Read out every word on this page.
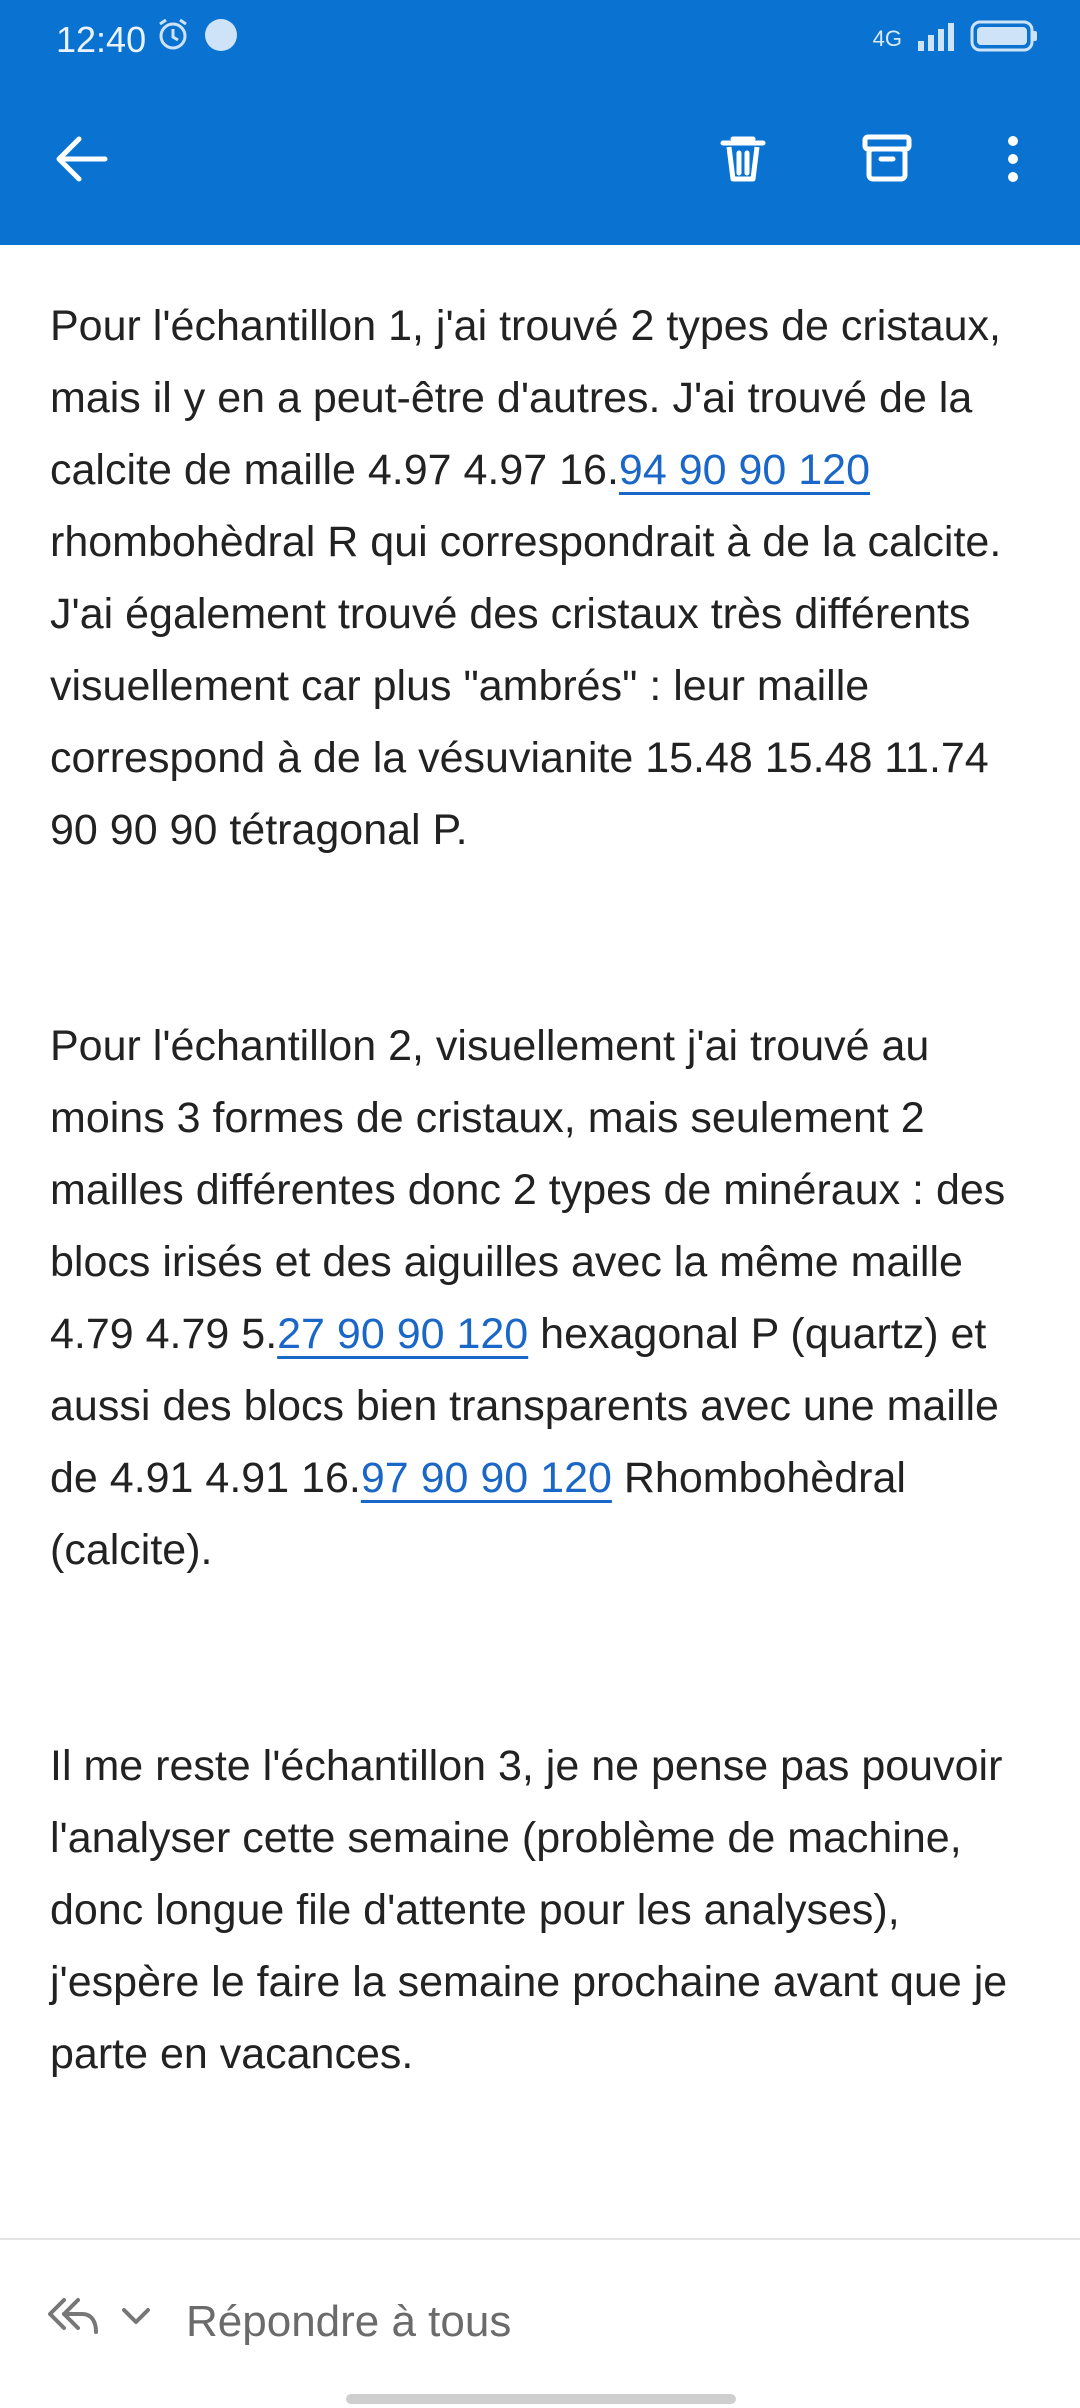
12:40	4G

Pour l'échantillon 1, j'ai trouvé 2 types de cristaux, mais il y en a peut-être d'autres. J'ai trouvé de la calcite de maille 4.97 4.97 16.94 90 90 120 rhombohèdral R qui correspondrait à de la calcite. J'ai également trouvé des cristaux très différents visuellement car plus "ambrés" : leur maille correspond à de la vésuvianite 15.48 15.48 11.74 90 90 90 tétragonal P.

Pour l'échantillon 2, visuellement j'ai trouvé au moins 3 formes de cristaux, mais seulement 2 mailles différentes donc 2 types de minéraux : des blocs irisés et des aiguilles avec la même maille 4.79 4.79 5.27 90 90 120 hexagonal P (quartz) et aussi des blocs bien transparents avec une maille de 4.91 4.91 16.97 90 90 120 Rhombohèdral (calcite).

Il me reste l'échantillon 3, je ne pense pas pouvoir l'analyser cette semaine (problème de machine, donc longue file d'attente pour les analyses), j'espère le faire la semaine prochaine avant que je parte en vacances.

Répondre à tous
